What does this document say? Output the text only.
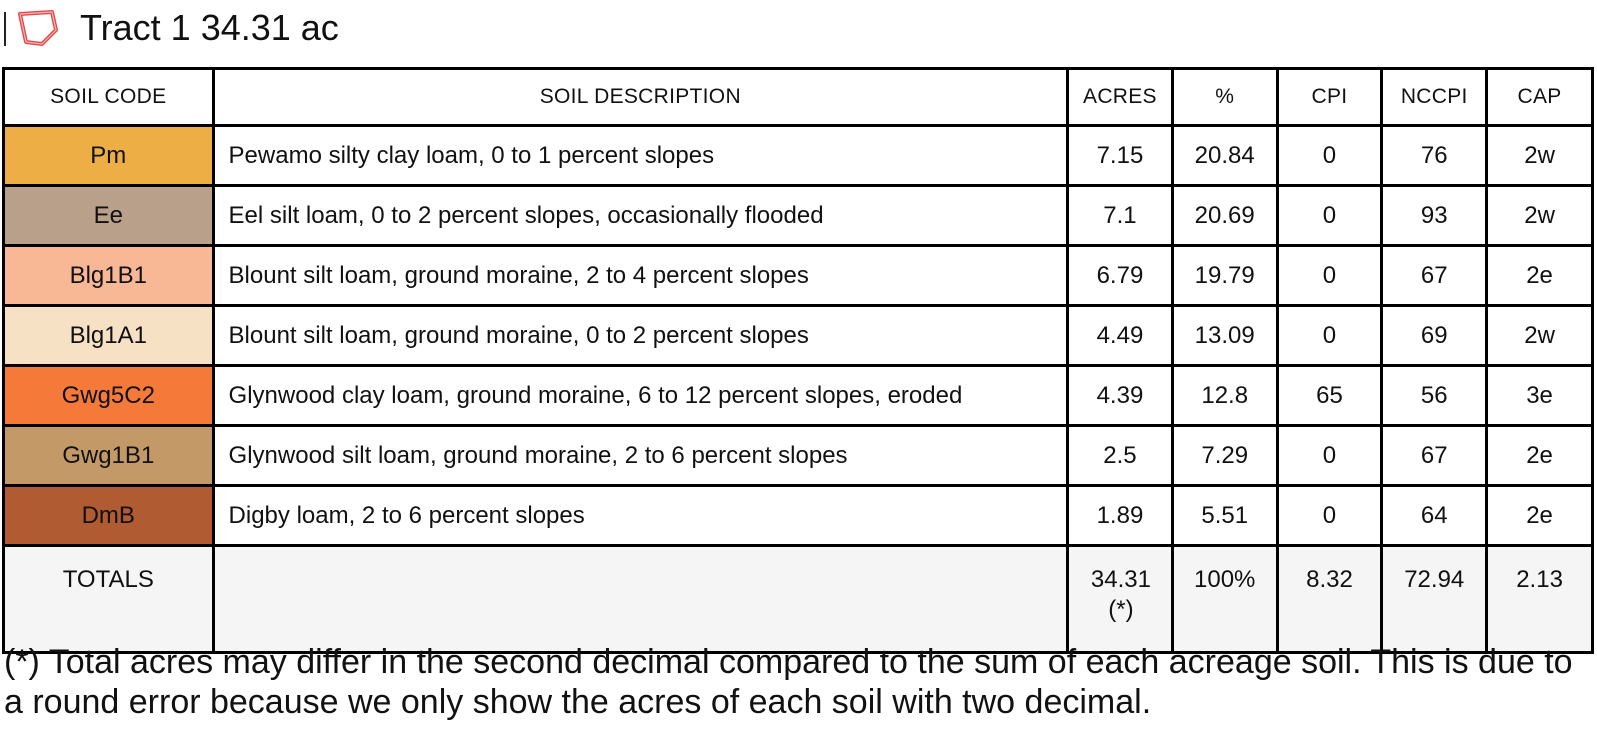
Tract 1 34.31 ac
SOIL CODE	SOIL DESCRIPTION	ACRES	%	CPI	NCCPI	CAP
Pm	Pewamo silty clay loam, 0 to 1 percent slopes	7.15	20.84	0	76	2w
Ee	Eel silt loam, 0 to 2 percent slopes, occasionally flooded	7.1	20.69	0	93	2w
Blg1B1	Blount silt loam, ground moraine, 2 to 4 percent slopes	6.79	19.79	0	67	2e
Blg1A1	Blount silt loam, ground moraine, 0 to 2 percent slopes	4.49	13.09	0	69	2w
Gwg5C2	Glynwood clay loam, ground moraine, 6 to 12 percent slopes, eroded	4.39	12.8	65	56	3e
Gwg1B1	Glynwood silt loam, ground moraine, 2 to 6 percent slopes	2.5	7.29	0	67	2e
DmB	Digby loam, 2 to 6 percent slopes	1.89	5.51	0	64	2e
TOTALS		34.31(*)	100%	8.32	72.94	2.13
(*) Total acres may differ in the second decimal compared to the sum of each acreage soil. This is due to a round error because we only show the acres of each soil with two decimal.
